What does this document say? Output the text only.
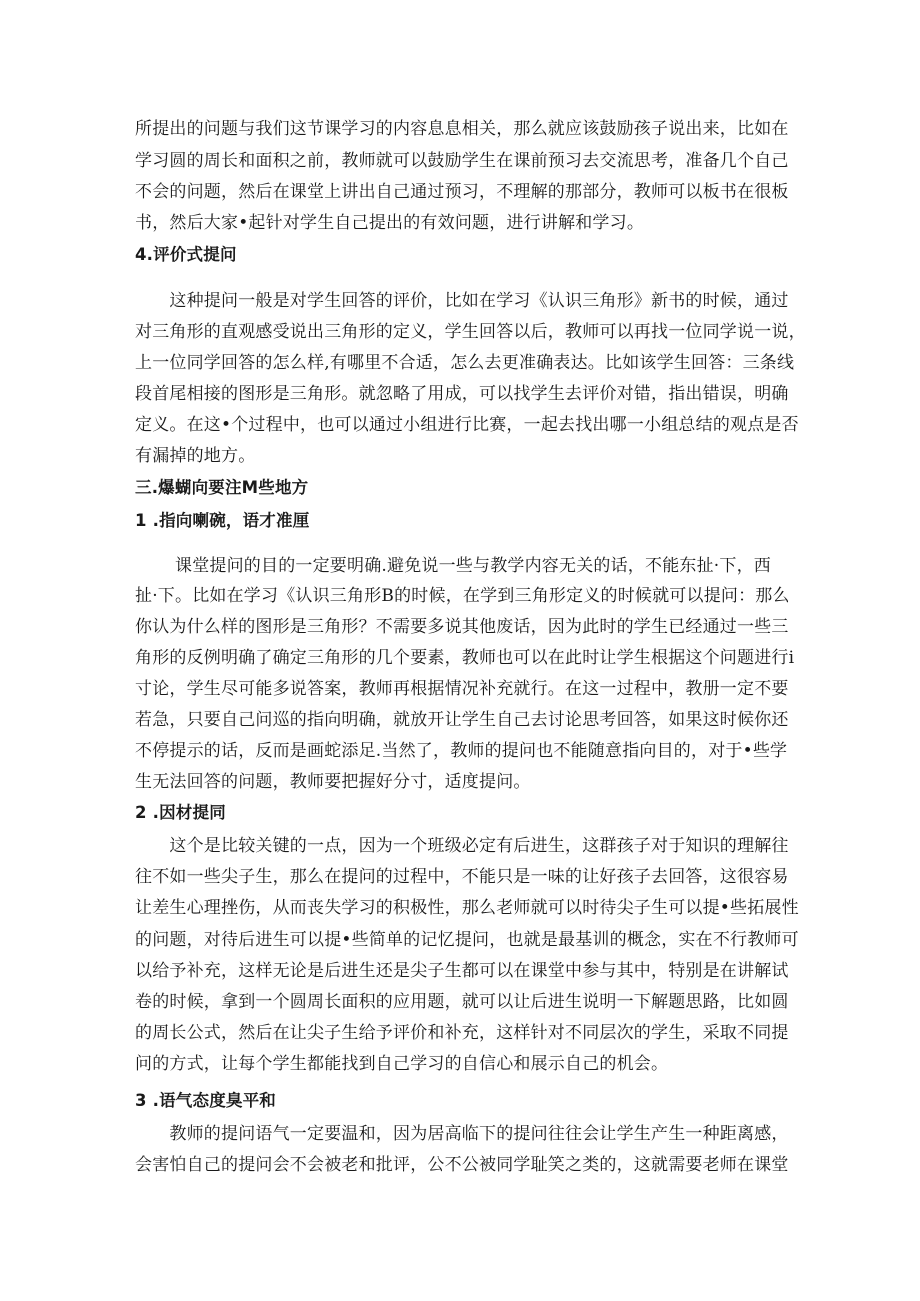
所提出的问题与我们这节课学习的内容息息相关，那么就应该鼓励孩子说出来，比如在
学习圆的周长和面积之前，教师就可以鼓励学生在课前预习去交流思考，准备几个自己
不会的问题，然后在课堂上讲出自己通过预习，不理解的那部分，教师可以板书在很板
书，然后大家•起针对学生自己提出的有效问题，进行讲解和学习。
4.评价式提问
　　这种提问一般是对学生回答的评价，比如在学习《认识三角形》新书的时候，通过
对三角形的直观感受说出三角形的定义，学生回答以后，教师可以再找一位同学说一说，
上一位同学回答的怎么样,有哪里不合适，怎么去更准确表达。比如该学生回答：三条线
段首尾相接的图形是三角形。就忽略了用成，可以找学生去评价对错，指出错误，明确
定义。在这•个过程中，也可以通过小组进行比赛，一起去找出哪一小组总结的观点是否
有漏掉的地方。
三.爆蝴向要注M些地方
1 .指向喇碗，语才准厘
　　 课堂提问的目的一定要明确.避免说一些与教学内容无关的话，不能东扯·下，西
扯·下。比如在学习《认识三角形B的时候，在学到三角形定义的时候就可以提问：那么
你认为什么样的图形是三角形？不需要多说其他废话，因为此时的学生已经通过一些三
角形的反例明确了确定三角形的几个要素，教师也可以在此时让学生根据这个问题进行i
寸论，学生尽可能多说答案，教师再根据情况补充就行。在这一过程中，教册一定不要
若急，只要自己问巡的指向明确，就放开让学生自己去讨论思考回答，如果这时候你还
不停提示的话，反而是画蛇添足.当然了，教师的提问也不能随意指向目的，对于•些学
生无法回答的问题，教师要把握好分寸，适度提问。
2 .因材提同
　　这个是比较关键的一点，因为一个班级必定有后进生，这群孩子对于知识的理解往
往不如一些尖子生，那么在提问的过程中，不能只是一味的让好孩子去回答，这很容易
让差生心理挫伤，从而丧失学习的积极性，那么老师就可以时待尖子生可以提•些拓展性
的问题，对待后进生可以提•些简单的记忆提问，也就是最基训的概念，实在不行教师可
以给予补充，这样无论是后进生还是尖子生都可以在课堂中参与其中，特别是在讲解试
卷的时候，拿到一个圆周长面积的应用题，就可以让后进生说明一下解题思路，比如圆
的周长公式，然后在让尖子生给予评价和补充，这样针对不同层次的学生，采取不同提
问的方式，让每个学生都能找到自己学习的自信心和展示自己的机会。
3 .语气态度臭平和
　　教师的提问语气一定要温和，因为居高临下的提问往往会让学生产生一种距离感，
会害怕自己的提问会不会被老和批评，公不公被同学耻笑之类的，这就需要老师在课堂
